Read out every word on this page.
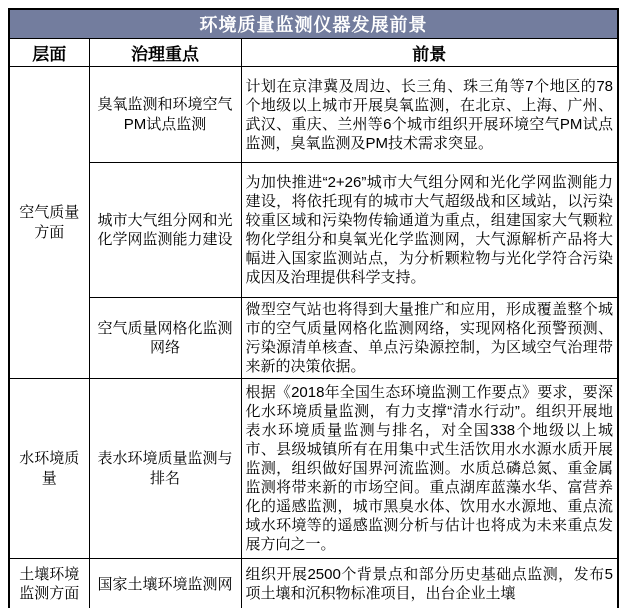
环境质量监测仪器发展前景		
层面	治理重点	前景
空气质量方面	臭氧监测和环境空气PM试点监测	计划在京津冀及周边、长三角、珠三角等7个地区的78个地级以上城市开展臭氧监测，在北京、上海、广州、武汉、重庆、兰州等6个城市组织开展环境空气PM试点监测，臭氧监测及PM技术需求突显。
	城市大气组分网和光化学网监测能力建设	为加快推进“2+26”城市大气组分网和光化学网监测能力建设，将依托现有的城市大气超级战和区域站，以污染较重区域和污染物传输通道为重点，组建国家大气颗粒物化学组分和臭氧光化学监测网，大气源解析产品将大幅进入国家监测站点，为分析颗粒物与光化学符合污染成因及治理提供科学支持。
	空气质量网格化监测网络	微型空气站也将得到大量推广和应用，形成覆盖整个城市的空气质量网格化监测网络，实现网格化预警预测、污染源清单核查、单点污染源控制，为区域空气治理带来新的决策依据。
水环境质量	表水环境质量监测与排名	根据《2018年全国生态环境监测工作要点》要求，要深化水环境质量监测，有力支撑“清水行动”。组织开展地表水环境质量监测与排名，对全国338个地级以上城市、县级城镇所有在用集中式生活饮用水水源水质开展监测，组织做好国界河流监测。水质总磷总氮、重金属监测将带来新的市场空间。重点湖库蓝藻水华、富营养化的遥感监测，城市黑臭水体、饮用水水源地、重点流域水环境等的遥感监测分析与估计也将成为未来重点发展方向之一。
土壤环境监测方面	国家土壤环境监测网	组织开展2500个背景点和部分历史基础点监测，发布5项土壤和沉积物标准项目，出台企业土壤
